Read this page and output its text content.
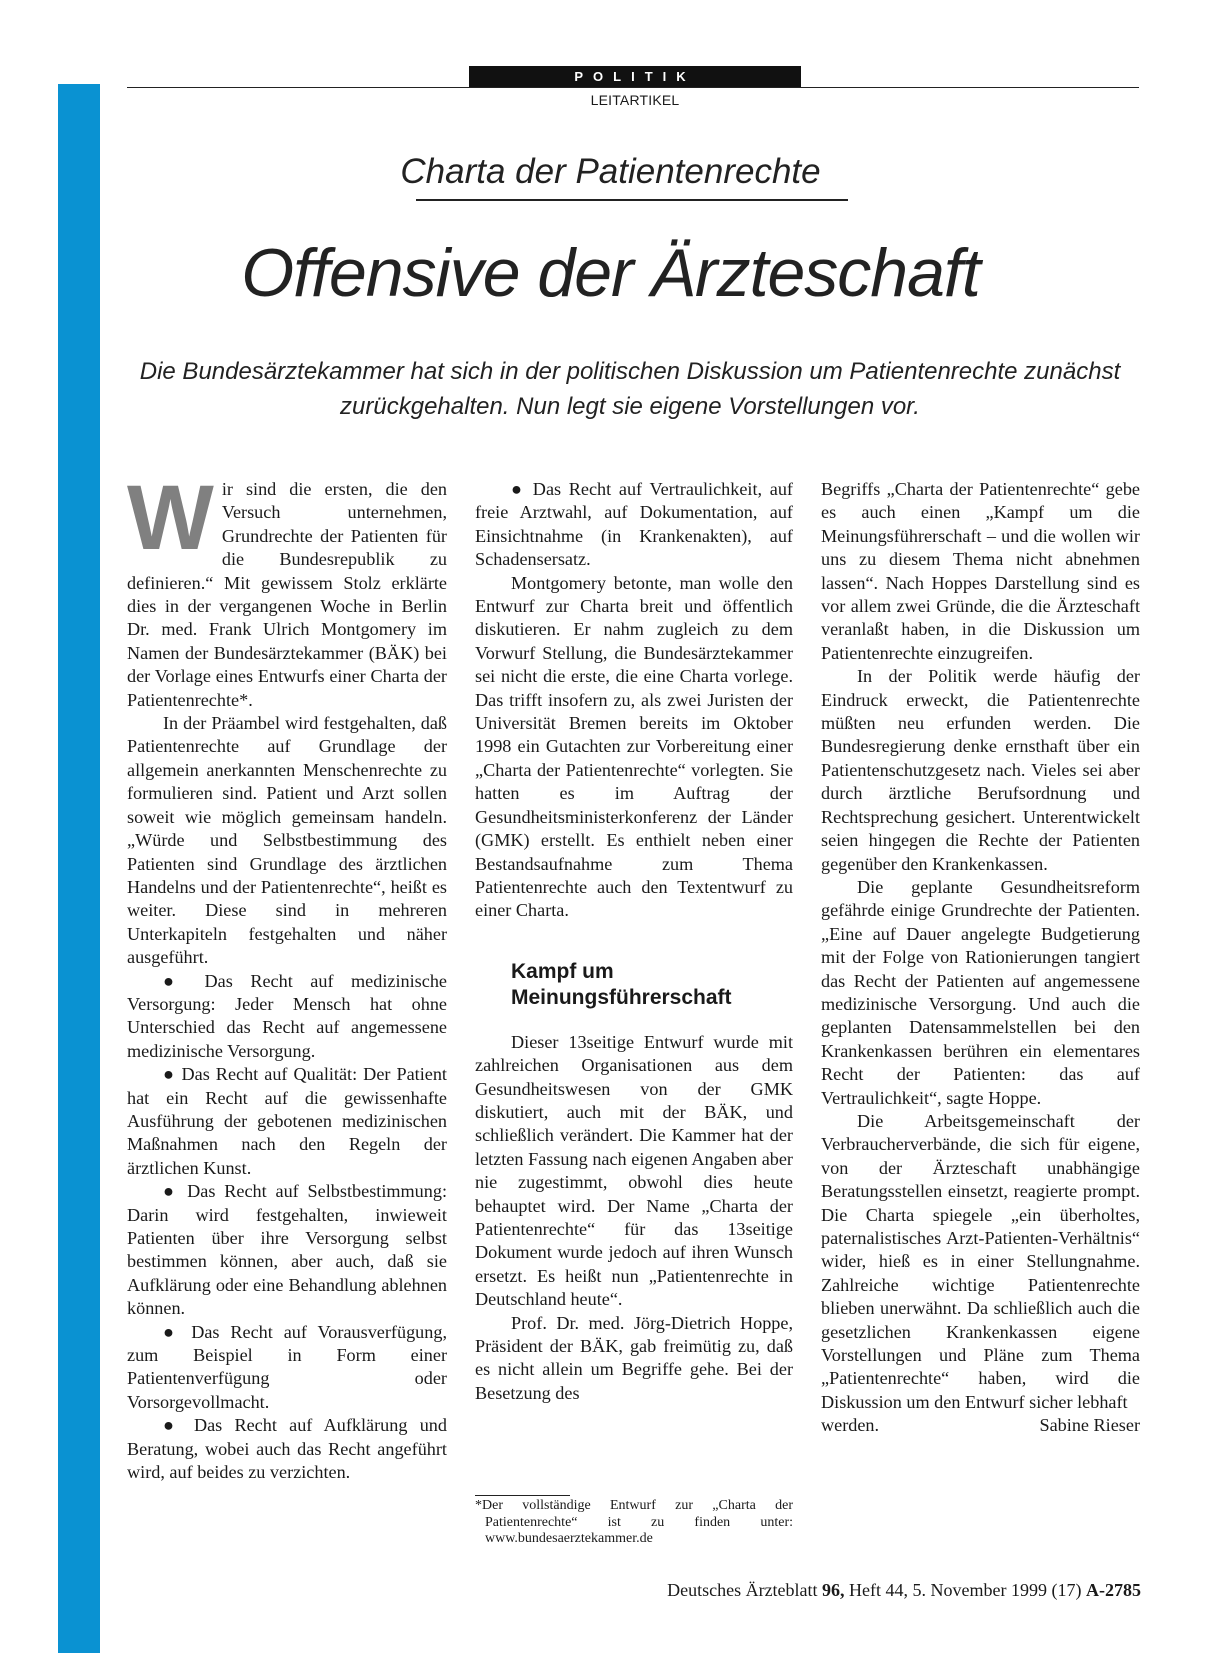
POLITIK
LEITARTIKEL
Charta der Patientenrechte
Offensive der Ärzteschaft
Die Bundesärztekammer hat sich in der politischen Diskussion um Patientenrechte zunächst zurückgehalten. Nun legt sie eigene Vorstellungen vor.
W ir sind die ersten, die den Versuch unternehmen, Grundrechte der Patienten für die Bundesrepublik zu definieren.“ Mit gewissem Stolz erklärte dies in der vergangenen Woche in Berlin Dr. med. Frank Ulrich Montgomery im Namen der Bundesärztekammer (BÄK) bei der Vorlage eines Entwurfs einer Charta der Patientenrechte*.

In der Präambel wird festgehalten, daß Patientenrechte auf Grundlage der allgemein anerkannten Menschenrechte zu formulieren sind. Patient und Arzt sollen soweit wie möglich gemeinsam handeln. „Würde und Selbstbestimmung des Patienten sind Grundlage des ärztlichen Handelns und der Patientenrechte“, heißt es weiter. Diese sind in mehreren Unterkapiteln festgehalten und näher ausgeführt.

● Das Recht auf medizinische Versorgung: Jeder Mensch hat ohne Unterschied das Recht auf angemessene medizinische Versorgung.

● Das Recht auf Qualität: Der Patient hat ein Recht auf die gewissenhafte Ausführung der gebotenen medizinischen Maßnahmen nach den Regeln der ärztlichen Kunst.

● Das Recht auf Selbstbestimmung: Darin wird festgehalten, inwieweit Patienten über ihre Versorgung selbst bestimmen können, aber auch, daß sie Aufklärung oder eine Behandlung ablehnen können.

● Das Recht auf Vorausverfügung, zum Beispiel in Form einer Patientenverfügung oder Vorsorgevollmacht.

● Das Recht auf Aufklärung und Beratung, wobei auch das Recht angeführt wird, auf beides zu verzichten.

● Das Recht auf Vertraulichkeit, auf freie Arztwahl, auf Dokumentation, auf Einsichtnahme (in Krankenakten), auf Schadensersatz.

Montgomery betonte, man wolle den Entwurf zur Charta breit und öffentlich diskutieren. Er nahm zugleich zu dem Vorwurf Stellung, die Bundesärztekammer sei nicht die erste, die eine Charta vorlege. Das trifft insofern zu, als zwei Juristen der Universität Bremen bereits im Oktober 1998 ein Gutachten zur Vorbereitung einer „Charta der Patientenrechte“ vorlegten. Sie hatten es im Auftrag der Gesundheitsministerkonferenz der Länder (GMK) erstellt. Es enthielt neben einer Bestandsaufnahme zum Thema Patientenrechte auch den Textentwurf zu einer Charta.

Kampf um
Meinungsführerschaft

Dieser 13seitige Entwurf wurde mit zahlreichen Organisationen aus dem Gesundheitswesen von der GMK diskutiert, auch mit der BÄK, und schließlich verändert. Die Kammer hat der letzten Fassung nach eigenen Angaben aber nie zugestimmt, obwohl dies heute behauptet wird. Der Name „Charta der Patientenrechte“ für das 13seitige Dokument wurde jedoch auf ihren Wunsch ersetzt. Es heißt nun „Patientenrechte in Deutschland heute“.

Prof. Dr. med. Jörg-Dietrich Hoppe, Präsident der BÄK, gab freimütig zu, daß es nicht allein um Begriffe gehe. Bei der Besetzung des

*Der vollständige Entwurf zur „Charta der Patientenrechte“ ist zu finden unter: www.bundesaerztekammer.de

Begriffs „Charta der Patientenrechte“ gebe es auch einen „Kampf um die Meinungsführerschaft – und die wollen wir uns zu diesem Thema nicht abnehmen lassen“. Nach Hoppes Darstellung sind es vor allem zwei Gründe, die die Ärzteschaft veranlaßt haben, in die Diskussion um Patientenrechte einzugreifen.

In der Politik werde häufig der Eindruck erweckt, die Patientenrechte müßten neu erfunden werden. Die Bundesregierung denke ernsthaft über ein Patientenschutzgesetz nach. Vieles sei aber durch ärztliche Berufsordnung und Rechtsprechung gesichert. Unterentwickelt seien hingegen die Rechte der Patienten gegenüber den Krankenkassen.

Die geplante Gesundheitsreform gefährde einige Grundrechte der Patienten. „Eine auf Dauer angelegte Budgetierung mit der Folge von Rationierungen tangiert das Recht der Patienten auf angemessene medizinische Versorgung. Und auch die geplanten Datensammelstellen bei den Krankenkassen berühren ein elementares Recht der Patienten: das auf Vertraulichkeit“, sagte Hoppe.

Die Arbeitsgemeinschaft der Verbraucherverbände, die sich für eigene, von der Ärzteschaft unabhängige Beratungsstellen einsetzt, reagierte prompt. Die Charta spiegele „ein überholtes, paternalistisches Arzt-Patienten-Verhältnis“ wider, hieß es in einer Stellungnahme. Zahlreiche wichtige Patientenrechte blieben unerwähnt. Da schließlich auch die gesetzlichen Krankenkassen eigene Vorstellungen und Pläne zum Thema „Patientenrechte“ haben, wird die Diskussion um den Entwurf sicher lebhaft

werden.	Sabine Rieser
Deutsches Ärzteblatt 96, Heft 44, 5. November 1999 (17) A-2785
